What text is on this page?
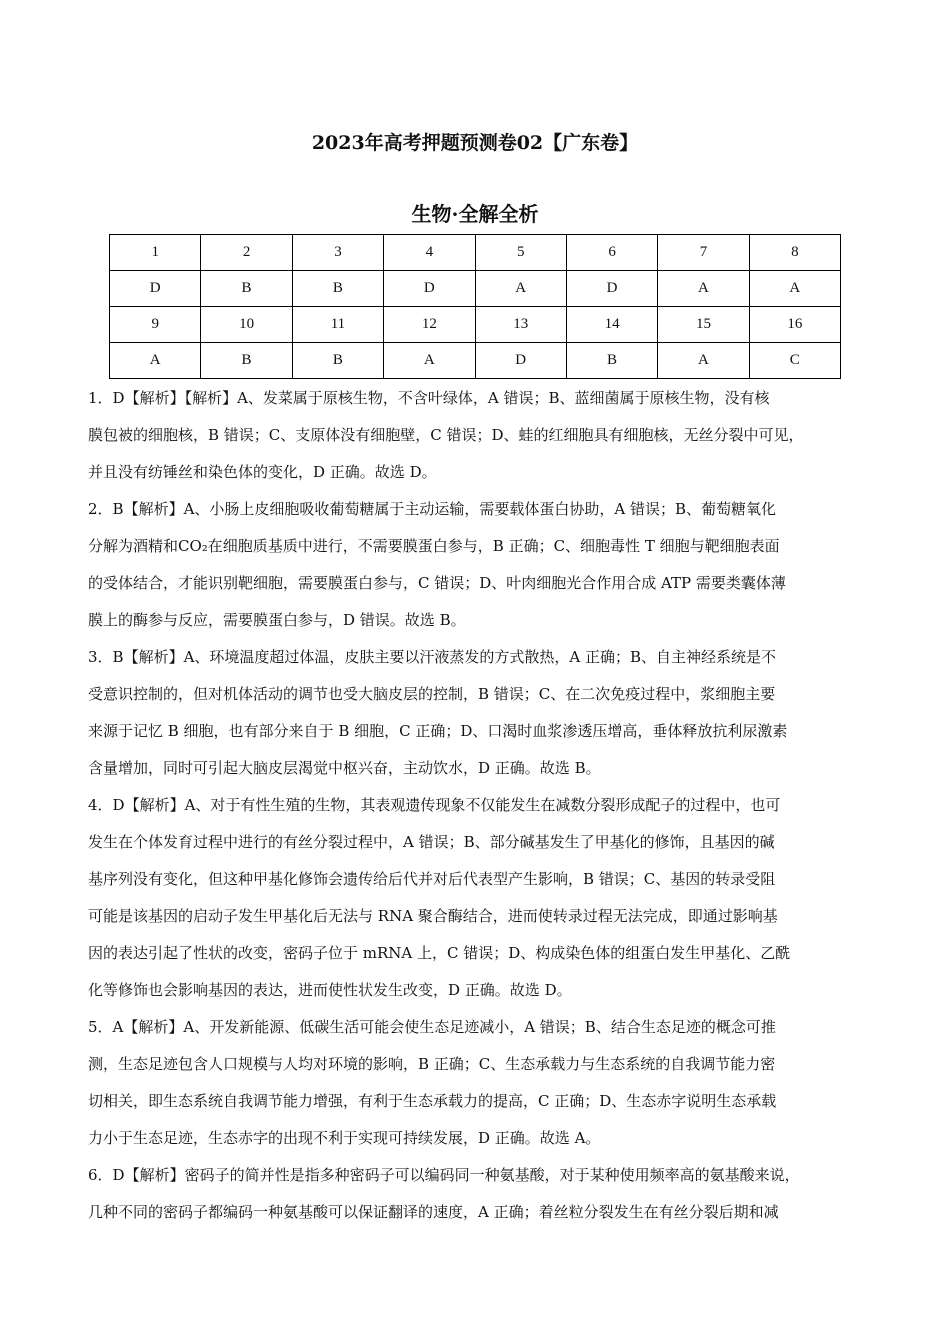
2023年高考押题预测卷02【广东卷】
生物·全解全析
1	2	3	4	5	6	7	8
D	B	B	D	A	D	A	A
9	10	11	12	13	14	15	16
A	B	B	A	D	B	A	C
1．D【解析】【解析】A、发菜属于原核生物，不含叶绿体，A 错误；B、蓝细菌属于原核生物，没有核
膜包被的细胞核，B 错误；C、支原体没有细胞壁，C 错误；D、蛙的红细胞具有细胞核，无丝分裂中可见，
并且没有纺锤丝和染色体的变化，D 正确。故选 D。
2．B【解析】A、小肠上皮细胞吸收葡萄糖属于主动运输，需要载体蛋白协助，A 错误；B、葡萄糖氧化
分解为酒精和CO₂在细胞质基质中进行，不需要膜蛋白参与，B 正确；C、细胞毒性 T 细胞与靶细胞表面
的受体结合，才能识别靶细胞，需要膜蛋白参与，C 错误；D、叶肉细胞光合作用合成 ATP 需要类囊体薄
膜上的酶参与反应，需要膜蛋白参与，D 错误。故选 B。
3．B【解析】A、环境温度超过体温，皮肤主要以汗液蒸发的方式散热，A 正确；B、自主神经系统是不
受意识控制的，但对机体活动的调节也受大脑皮层的控制，B 错误；C、在二次免疫过程中，浆细胞主要
来源于记忆 B 细胞，也有部分来自于 B 细胞，C 正确；D、口渴时血浆渗透压增高，垂体释放抗利尿激素
含量增加，同时可引起大脑皮层渴觉中枢兴奋，主动饮水，D 正确。故选 B。
4．D【解析】A、对于有性生殖的生物，其表观遗传现象不仅能发生在减数分裂形成配子的过程中，也可
发生在个体发育过程中进行的有丝分裂过程中，A 错误；B、部分碱基发生了甲基化的修饰，且基因的碱
基序列没有变化，但这种甲基化修饰会遗传给后代并对后代表型产生影响，B 错误；C、基因的转录受阻
可能是该基因的启动子发生甲基化后无法与 RNA 聚合酶结合，进而使转录过程无法完成，即通过影响基
因的表达引起了性状的改变，密码子位于 mRNA 上，C 错误；D、构成染色体的组蛋白发生甲基化、乙酰
化等修饰也会影响基因的表达，进而使性状发生改变，D 正确。故选 D。
5．A【解析】A、开发新能源、低碳生活可能会使生态足迹减小，A 错误；B、结合生态足迹的概念可推
测，生态足迹包含人口规模与人均对环境的影响，B 正确；C、生态承载力与生态系统的自我调节能力密
切相关，即生态系统自我调节能力增强，有利于生态承载力的提高，C 正确；D、生态赤字说明生态承载
力小于生态足迹，生态赤字的出现不利于实现可持续发展，D 正确。故选 A。
6．D【解析】密码子的简并性是指多种密码子可以编码同一种氨基酸，对于某种使用频率高的氨基酸来说，
几种不同的密码子都编码一种氨基酸可以保证翻译的速度，A 正确；着丝粒分裂发生在有丝分裂后期和减
